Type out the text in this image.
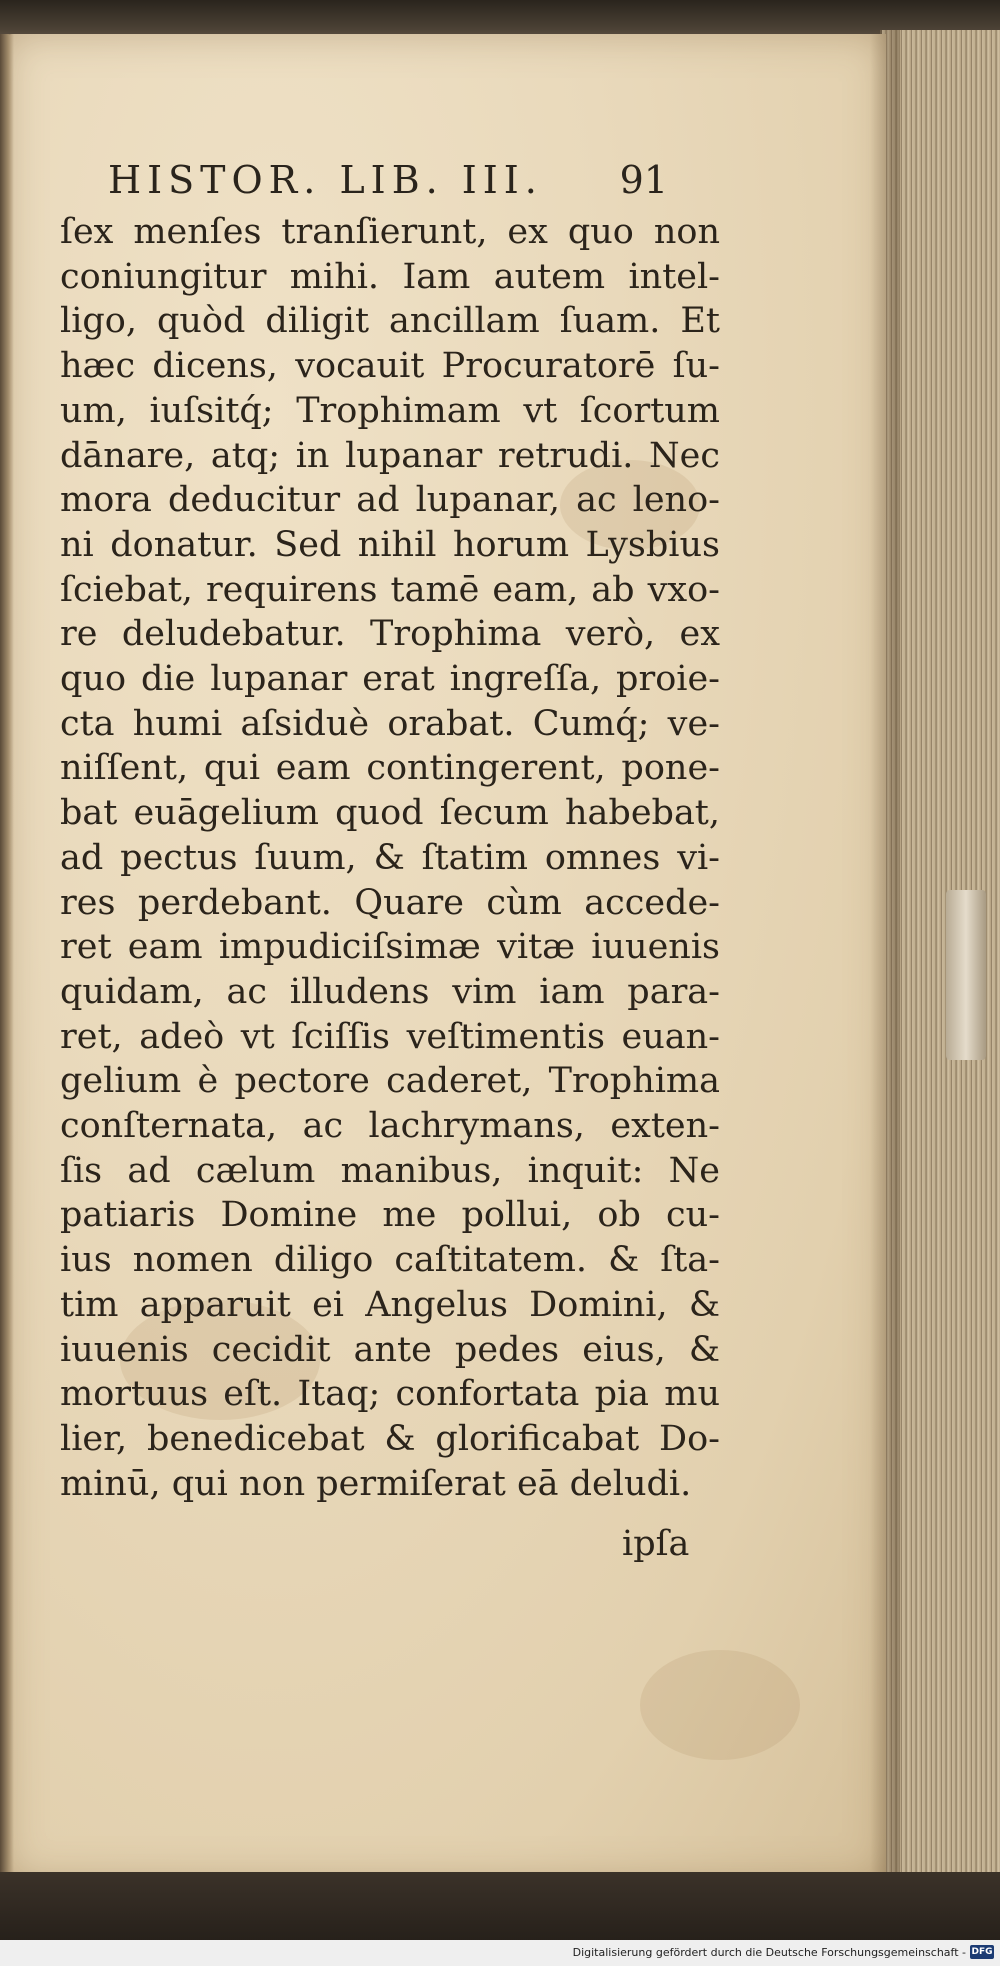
HISTOR. LIB. III. 91
ſex menſes tranſierunt, ex quo non
coniungitur mihi. Iam autem intel-
ligo, quòd diligit ancillam ſuam. Et
hæc dicens, vocauit Procuratorē ſu-
um, iuſsitq́; Trophimam vt ſcortum
dānare, atq; in lupanar retrudi. Nec
mora deducitur ad lupanar, ac leno-
ni donatur. Sed nihil horum Lysbius
ſciebat, requirens tamē eam, ab vxo-
re deludebatur. Trophima verò, ex
quo die lupanar erat ingreſſa, proie-
cta humi aſsiduè orabat. Cumq́; ve-
niſſent, qui eam contingerent, pone-
bat euāgelium quod ſecum habebat,
ad pectus ſuum, & ſtatim omnes vi-
res perdebant. Quare cùm accede-
ret eam impudiciſsimæ vitæ iuuenis
quidam, ac illudens vim iam para-
ret, adeò vt ſciſſis veſtimentis euan-
gelium è pectore caderet, Trophima
conſternata, ac lachrymans, exten-
ſis ad cælum manibus, inquit: Ne
patiaris Domine me pollui, ob cu-
ius nomen diligo caſtitatem. & ſta-
tim apparuit ei Angelus Domini, &
iuuenis cecidit ante pedes eius, &
mortuus eſt. Itaq; confortata pia mu
lier, benedicebat & glorificabat Do-
minū, qui non permiſerat eā deludi.
ipſa
Digitalisierung gefördert durch die Deutsche Forschungsgemeinschaft - DFG
